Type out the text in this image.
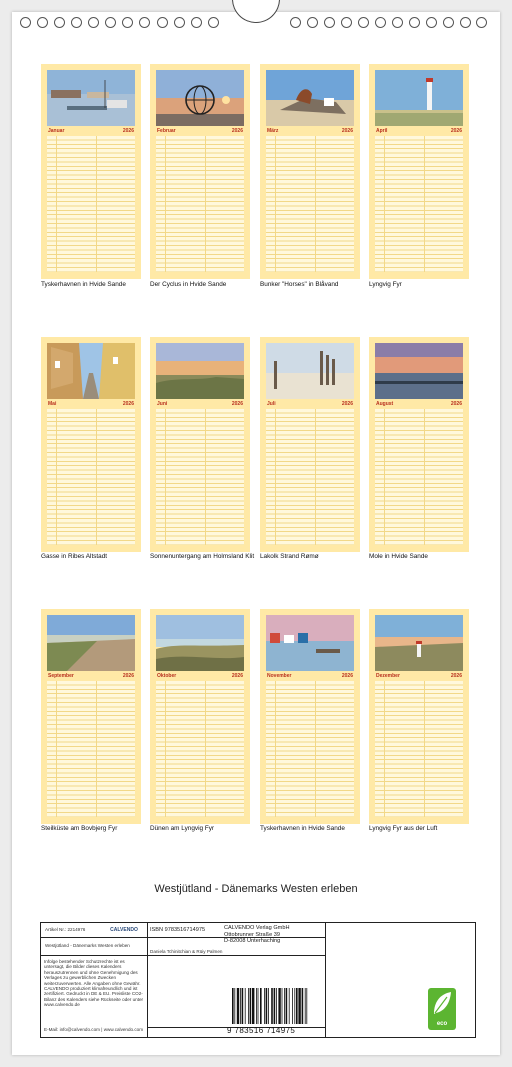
Januar	2026
Tyskerhavnen in Hvide Sande
Februar	2026
Der Cyclus in Hvide Sande
März	2026
Bunker "Horses" in Blåvand
April	2026
Lyngvig Fyr
Mai	2026
Gasse in Ribes Altstadt
Juni	2026
Sonnenuntergang am Holmsland Klit
Juli	2026
Lakolk Strand Rømø
August	2026
Mole in Hvide Sande
September	2026
Steilküste am Bovbjerg Fyr
Oktober	2026
Dünen am Lyngvig Fyr
November	2026
Tyskerhavnen in Hvide Sande
Dezember	2026
Lyngvig Fyr aus der Luft
Westjütland - Dänemarks Westen erleben
Artikel Nr.: 2214976	CALVENDO
Westjütland - Dänemarks Westen erleben
Infolge bestehender Schutzrechte ist es untersagt, die Bilder dieses Kalenders herauszutrennen und ohne Genehmigung des Verlages zu gewerblichen Zwecken weiterzuverwerten. Alle Angaben ohne Gewähr. CALVENDO produziert klimafreundlich und ist zertifiziert. Gedruckt in DE & EU. Preisliste CO2-Bilanz des Kalenders siehe Rückseite oder unter www.calvendo.de
E-Mail: info@calvendo.com | www.calvendo.com
ISBN 9783516714975	CALVENDO Verlag GmbH
Ottobrunner Straße 39
D-82008 Unterhaching
Daniela Tchinitchian & Rüiy Palmen
9 783516 714975
eco
